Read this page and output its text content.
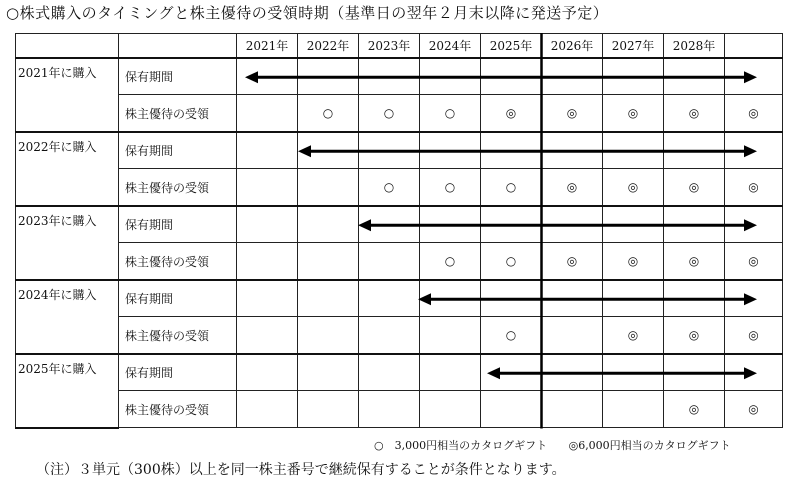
○株式購入のタイミングと株主優待の受領時期（基準日の翌年２月末以降に発送予定）
		2021年	2022年	2023年	2024年	2025年	2026年	2027年	2028年	
2021年に購入	保有期間									
	株主優待の受領		○	○	○	◎	◎	◎	◎	◎
2022年に購入	保有期間									
	株主優待の受領			○	○	○	◎	◎	◎	◎
2023年に購入	保有期間									
	株主優待の受領				○	○	◎	◎	◎	◎
2024年に購入	保有期間									
	株主優待の受領					○		◎	◎	◎
2025年に購入	保有期間									
	株主優待の受領								◎	◎
○　3,000円相当のカタログギフト ◎6,000円相当のカタログギフト
（注）３単元（300株）以上を同一株主番号で継続保有することが条件となります。
